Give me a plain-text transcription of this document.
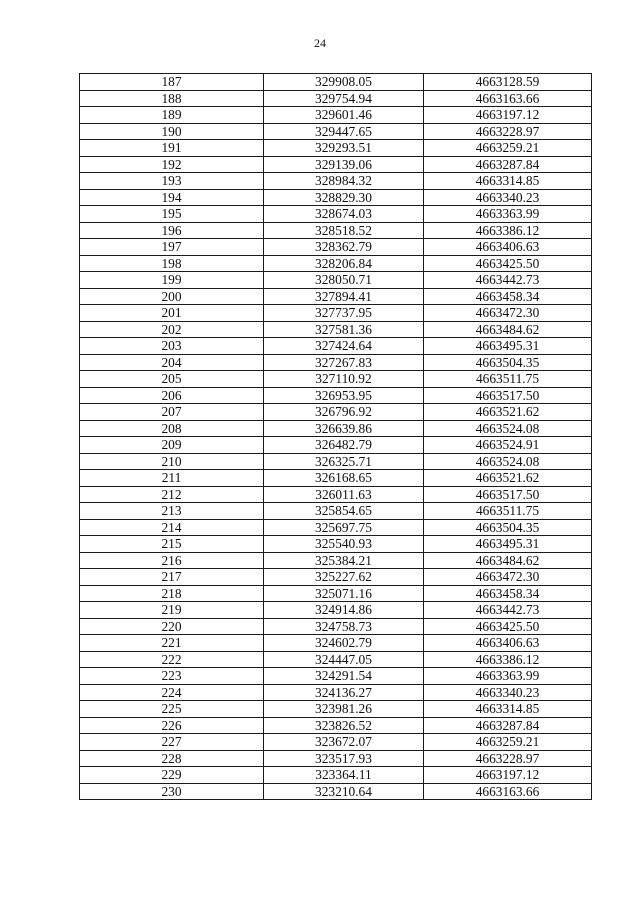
24
187	329908.05	4663128.59
188	329754.94	4663163.66
189	329601.46	4663197.12
190	329447.65	4663228.97
191	329293.51	4663259.21
192	329139.06	4663287.84
193	328984.32	4663314.85
194	328829.30	4663340.23
195	328674.03	4663363.99
196	328518.52	4663386.12
197	328362.79	4663406.63
198	328206.84	4663425.50
199	328050.71	4663442.73
200	327894.41	4663458.34
201	327737.95	4663472.30
202	327581.36	4663484.62
203	327424.64	4663495.31
204	327267.83	4663504.35
205	327110.92	4663511.75
206	326953.95	4663517.50
207	326796.92	4663521.62
208	326639.86	4663524.08
209	326482.79	4663524.91
210	326325.71	4663524.08
211	326168.65	4663521.62
212	326011.63	4663517.50
213	325854.65	4663511.75
214	325697.75	4663504.35
215	325540.93	4663495.31
216	325384.21	4663484.62
217	325227.62	4663472.30
218	325071.16	4663458.34
219	324914.86	4663442.73
220	324758.73	4663425.50
221	324602.79	4663406.63
222	324447.05	4663386.12
223	324291.54	4663363.99
224	324136.27	4663340.23
225	323981.26	4663314.85
226	323826.52	4663287.84
227	323672.07	4663259.21
228	323517.93	4663228.97
229	323364.11	4663197.12
230	323210.64	4663163.66
